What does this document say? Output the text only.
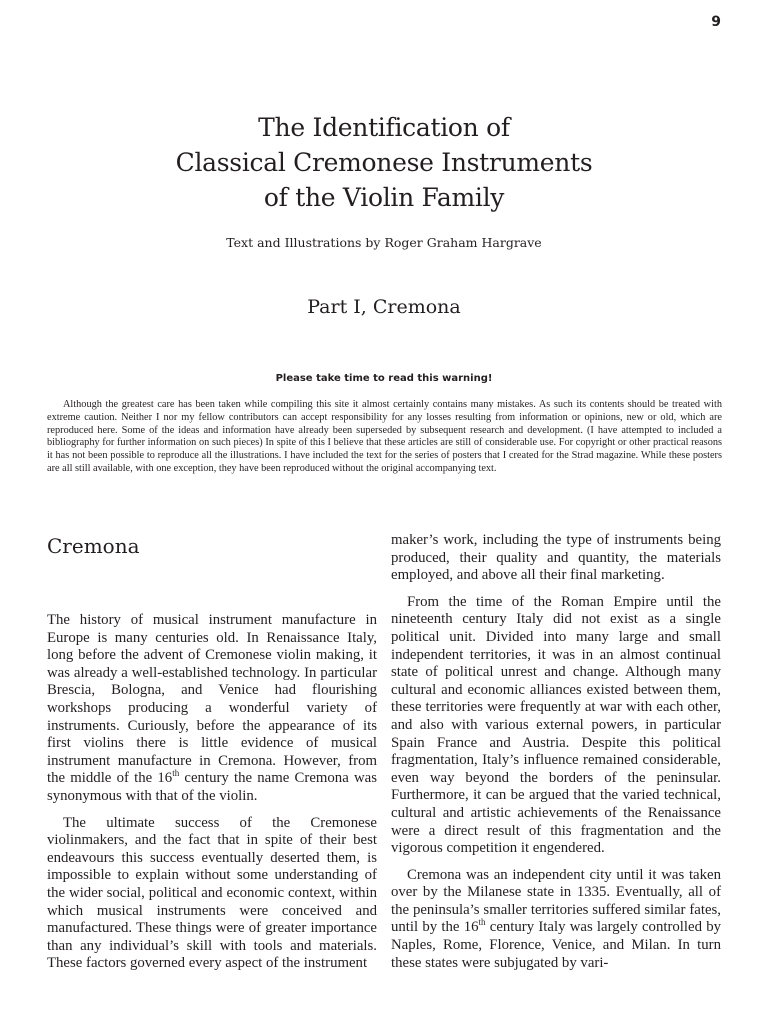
9
The Identification of
Classical Cremonese Instruments
of the Violin Family
Text and Illustrations by Roger Graham Hargrave
Part I, Cremona
Please take time to read this warning!

Although the greatest care has been taken while compiling this site it almost certainly contains many mistakes. As such its contents should be treated with extreme caution. Neither I nor my fellow contributors can accept responsibility for any losses resulting from information or opinions, new or old, which are reproduced here. Some of the ideas and information have already been superseded by subsequent research and development. (I have attempted to included a bibliography for further information on such pieces) In spite of this I believe that these articles are still of considerable use. For copyright or other practical reasons it has not been possible to reproduce all the illustrations. I have included the text for the series of posters that I created for the Strad magazine. While these posters are all still available, with one exception, they have been reproduced without the original accompanying text.

Cremona

The history of musical instrument manufacture in Europe is many centuries old. In Renaissance Italy, long before the advent of Cremonese violin making, it was already a well-established technology. In particular Brescia, Bologna, and Venice had flourishing workshops producing a wonderful variety of instruments. Curiously, before the appearance of its first violins there is little evidence of musical instrument manufacture in Cremona. However, from the middle of the 16th century the name Cremona was synonymous with that of the violin.

The ultimate success of the Cremonese violinmakers, and the fact that in spite of their best endeavours this success eventually deserted them, is impossible to explain without some understanding of the wider social, political and economic context, within which musical instruments were conceived and manufactured. These things were of greater importance than any individual’s skill with tools and materials. These factors governed every aspect of the instrument

maker’s work, including the type of instruments being produced, their quality and quantity, the materials employed, and above all their final marketing.

From the time of the Roman Empire until the nineteenth century Italy did not exist as a single political unit. Divided into many large and small independent territories, it was in an almost continual state of political unrest and change. Although many cultural and economic alliances existed between them, these territories were frequently at war with each other, and also with various external powers, in particular Spain France and Austria. Despite this political fragmentation, Italy’s influence remained considerable, even way beyond the borders of the peninsular. Furthermore, it can be argued that the varied technical, cultural and artistic achievements of the Renaissance were a direct result of this fragmentation and the vigorous competition it engendered.

Cremona was an independent city until it was taken over by the Milanese state in 1335. Eventually, all of the peninsula’s smaller territories suffered similar fates, until by the 16th century Italy was largely controlled by Naples, Rome, Florence, Venice, and Milan. In turn these states were subjugated by vari-
